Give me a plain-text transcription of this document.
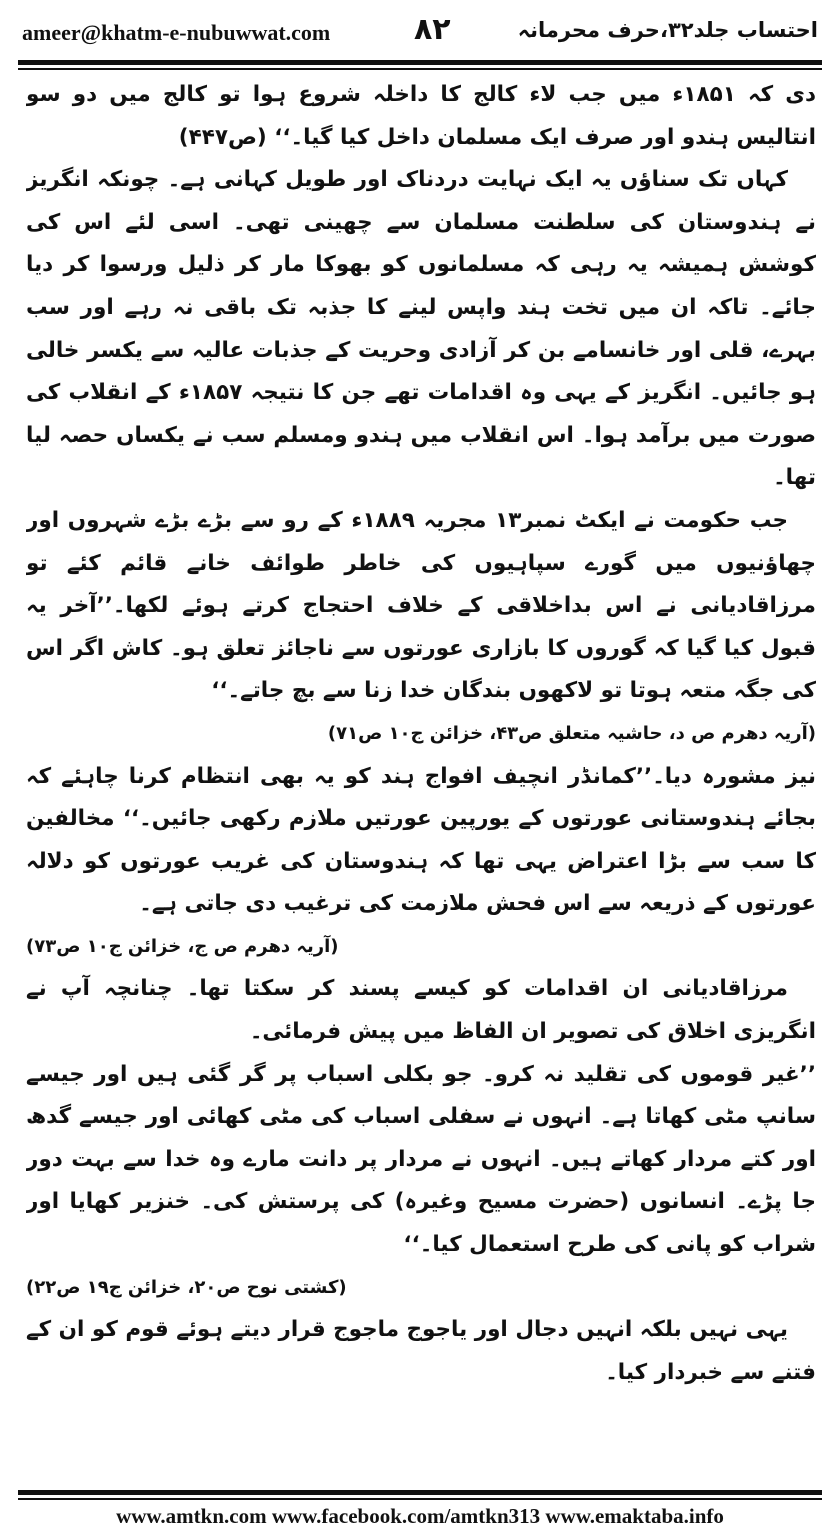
ameer@khatm-e-nubuwwat.com	۸۲	احتساب جلد۳۲،حرف محرمانہ

دی کہ ۱۸۵۱ء میں جب لاء کالج کا داخلہ شروع ہوا تو کالج میں دو سو انتالیس ہندو اور صرف ایک مسلمان داخل کیا گیا۔‘‘ (ص۴۴۷)

کہاں تک سناؤں یہ ایک نہایت دردناک اور طویل کہانی ہے۔ چونکہ انگریز نے ہندوستان کی سلطنت مسلمان سے چھینی تھی۔ اسی لئے اس کی کوشش ہمیشہ یہ رہی کہ مسلمانوں کو بھوکا مار کر ذلیل ورسوا کر دیا جائے۔ تاکہ ان میں تخت ہند واپس لینے کا جذبہ تک باقی نہ رہے اور سب بہرے، قلی اور خانسامے بن کر آزادی وحریت کے جذبات عالیہ سے یکسر خالی ہو جائیں۔ انگریز کے یہی وہ اقدامات تھے جن کا نتیجہ ۱۸۵۷ء کے انقلاب کی صورت میں برآمد ہوا۔ اس انقلاب میں ہندو ومسلم سب نے یکساں حصہ لیا تھا۔

جب حکومت نے ایکٹ نمبر۱۳ مجریہ ۱۸۸۹ء کے رو سے بڑے بڑے شہروں اور چھاؤنیوں میں گورے سپاہیوں کی خاطر طوائف خانے قائم کئے تو مرزاقادیانی نے اس بداخلاقی کے خلاف احتجاج کرتے ہوئے لکھا۔’’آخر یہ قبول کیا گیا کہ گوروں کا بازاری عورتوں سے ناجائز تعلق ہو۔ کاش اگر اس کی جگہ متعہ ہوتا تو لاکھوں بندگان خدا زنا سے بچ جاتے۔‘‘

(آریہ دھرم ص د، حاشیہ متعلق ص۴۳، خزائن ج۱۰ ص۷۱)

نیز مشورہ دیا۔’’کمانڈر انچیف افواج ہند کو یہ بھی انتظام کرنا چاہئے کہ بجائے ہندوستانی عورتوں کے یورپین عورتیں ملازم رکھی جائیں۔‘‘ مخالفین کا سب سے بڑا اعتراض یہی تھا کہ ہندوستان کی غریب عورتوں کو دلالہ عورتوں کے ذریعہ سے اس فحش ملازمت کی ترغیب دی جاتی ہے۔

(آریہ دھرم ص ج، خزائن ج۱۰ ص۷۳)

مرزاقادیانی ان اقدامات کو کیسے پسند کر سکتا تھا۔ چنانچہ آپ نے انگریزی اخلاق کی تصویر ان الفاظ میں پیش فرمائی۔

’’غیر قوموں کی تقلید نہ کرو۔ جو بکلی اسباب پر گر گئی ہیں اور جیسے سانپ مٹی کھاتا ہے۔ انہوں نے سفلی اسباب کی مٹی کھائی اور جیسے گدھ اور کتے مردار کھاتے ہیں۔ انہوں نے مردار پر دانت مارے وہ خدا سے بہت دور جا پڑے۔ انسانوں (حضرت مسیح وغیرہ) کی پرستش کی۔ خنزیر کھایا اور شراب کو پانی کی طرح استعمال کیا۔‘‘

(کشتی نوح ص۲۰، خزائن ج۱۹ ص۲۲)

یہی نہیں بلکہ انہیں دجال اور یاجوج ماجوج قرار دیتے ہوئے قوم کو ان کے فتنے سے خبردار کیا۔

www.amtkn.com www.facebook.com/amtkn313 www.emaktaba.info
